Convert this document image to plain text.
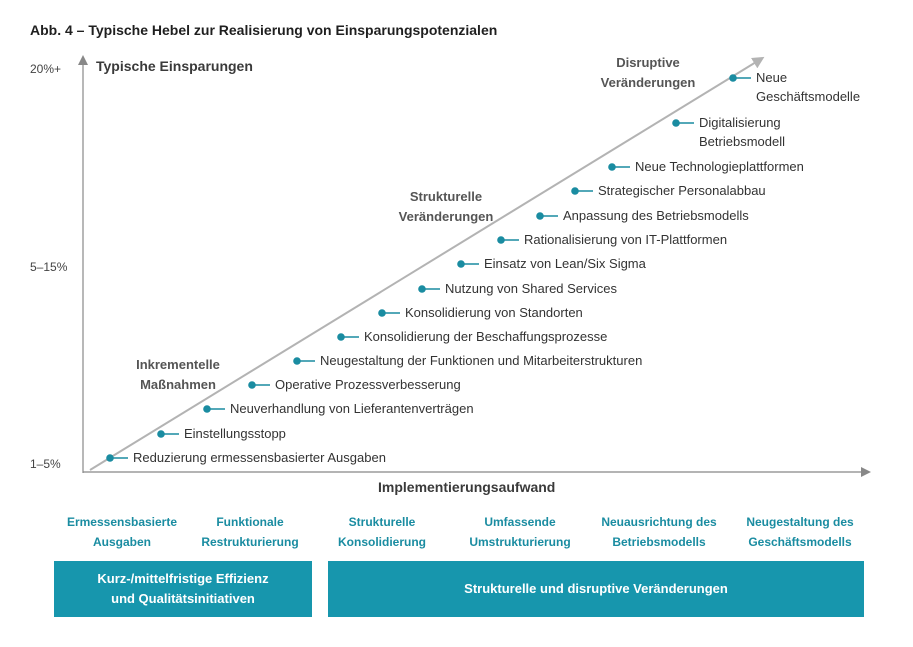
Abb. 4 – Typische Hebel zur Realisierung von Einsparungspotenzialen
20%+
5–15%
1–5%
Typische Einsparungen
Implementierungsaufwand
Inkrementelle
Maßnahmen
Strukturelle
Veränderungen
Disruptive
Veränderungen
Reduzierung ermessensbasierter Ausgaben
Einstellungsstopp
Neuverhandlung von Lieferantenverträgen
Operative Prozessverbesserung
Neugestaltung der Funktionen und Mitarbeiterstrukturen
Konsolidierung der Beschaffungsprozesse
Konsolidierung von Standorten
Nutzung von Shared Services
Einsatz von Lean/Six Sigma
Rationalisierung von IT-Plattformen
Anpassung des Betriebsmodells
Strategischer Personalabbau
Neue Technologieplattformen
Digitalisierung
Betriebsmodell
Neue
Geschäftsmodelle
Ermessensbasierte
Ausgaben
Funktionale
Restrukturierung
Strukturelle
Konsolidierung
Umfassende
Umstrukturierung
Neuausrichtung des
Betriebsmodells
Neugestaltung des
Geschäftsmodells
Kurz-/mittelfristige Effizienz
und Qualitätsinitiativen
Strukturelle und disruptive Veränderungen
